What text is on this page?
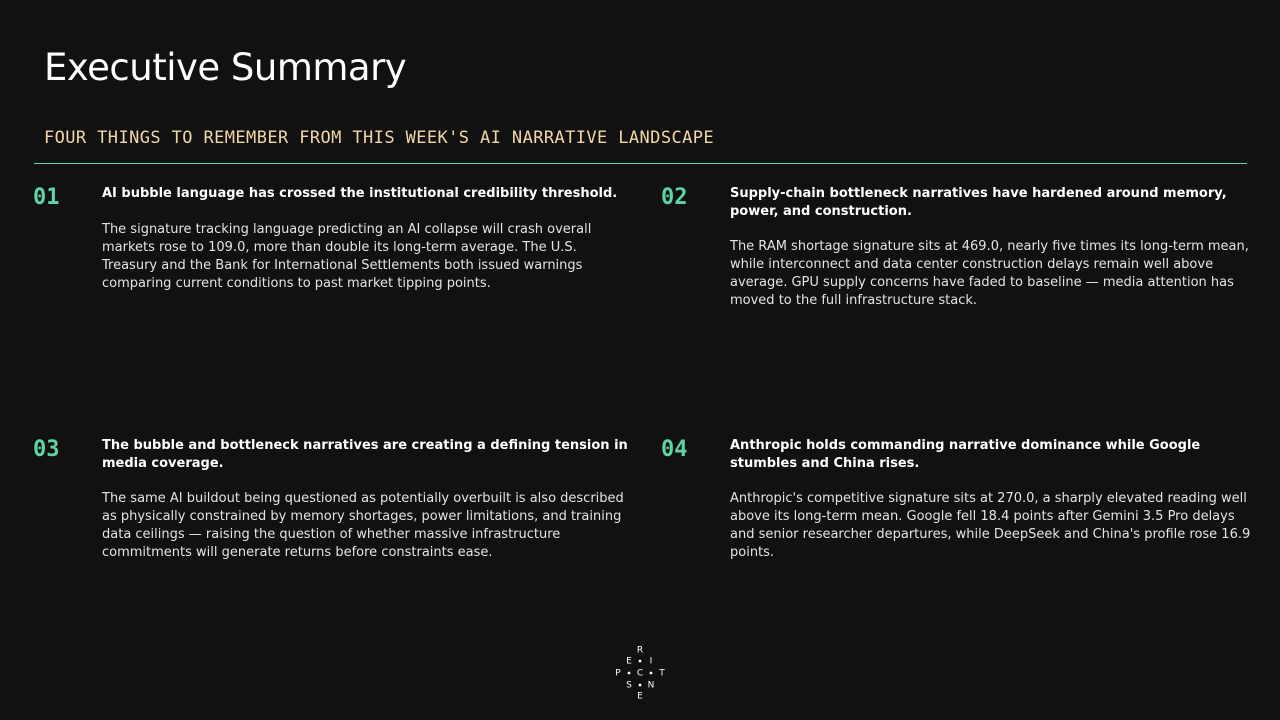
Executive Summary
FOUR THINGS TO REMEMBER FROM THIS WEEK'S AI NARRATIVE LANDSCAPE
01	AI bubble language has crossed the institutional credibility threshold.
The signature tracking language predicting an AI collapse will crash overall markets rose to 109.0, more than double its long-term average. The U.S. Treasury and the Bank for International Settlements both issued warnings comparing current conditions to past market tipping points.
02	Supply-chain bottleneck narratives have hardened around memory, power, and construction.
The RAM shortage signature sits at 469.0, nearly five times its long-term mean, while interconnect and data center construction delays remain well above average. GPU supply concerns have faded to baseline — media attention has moved to the full infrastructure stack.
03	The bubble and bottleneck narratives are creating a defining tension in media coverage.
The same AI buildout being questioned as potentially overbuilt is also described as physically constrained by memory shortages, power limitations, and training data ceilings — raising the question of whether massive infrastructure commitments will generate returns before constraints ease.
04	Anthropic holds commanding narrative dominance while Google stumbles and China rises.
Anthropic's competitive signature sits at 270.0, a sharply elevated reading well above its long-term mean. Google fell 18.4 points after Gemini 3.5 Pro delays and senior researcher departures, while DeepSeek and China's profile rose 16.9 points.
R
E I
P C T
S N
E
